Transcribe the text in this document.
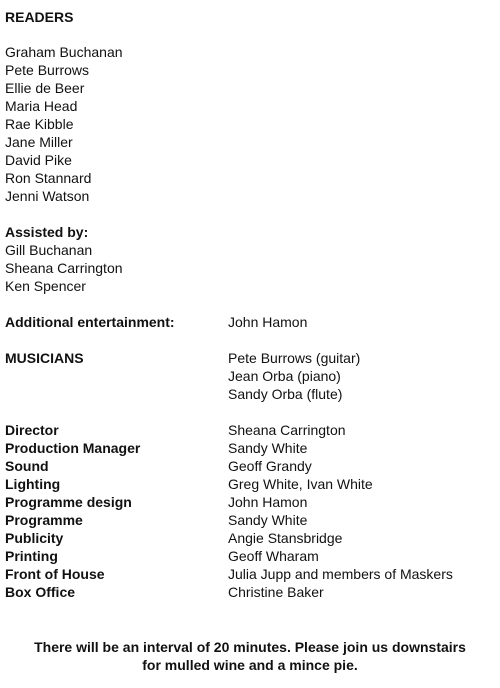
READERS
Graham Buchanan
Pete Burrows
Ellie de Beer
Maria Head
Rae Kibble
Jane Miller
David Pike
Ron Stannard
Jenni Watson
Assisted by:
Gill Buchanan
Sheana Carrington
Ken Spencer
Additional entertainment:	John Hamon
MUSICIANS	Pete Burrows (guitar)
Jean Orba (piano)
Sandy Orba (flute)
Director	Sheana Carrington
Production Manager	Sandy White
Sound	Geoff Grandy
Lighting	Greg White, Ivan White
Programme design	John Hamon
Programme	Sandy White
Publicity	Angie Stansbridge
Printing	Geoff Wharam
Front of House	Julia Jupp and members of Maskers
Box Office	Christine Baker
There will be an interval of 20 minutes. Please join us downstairs
for mulled wine and a mince pie.
